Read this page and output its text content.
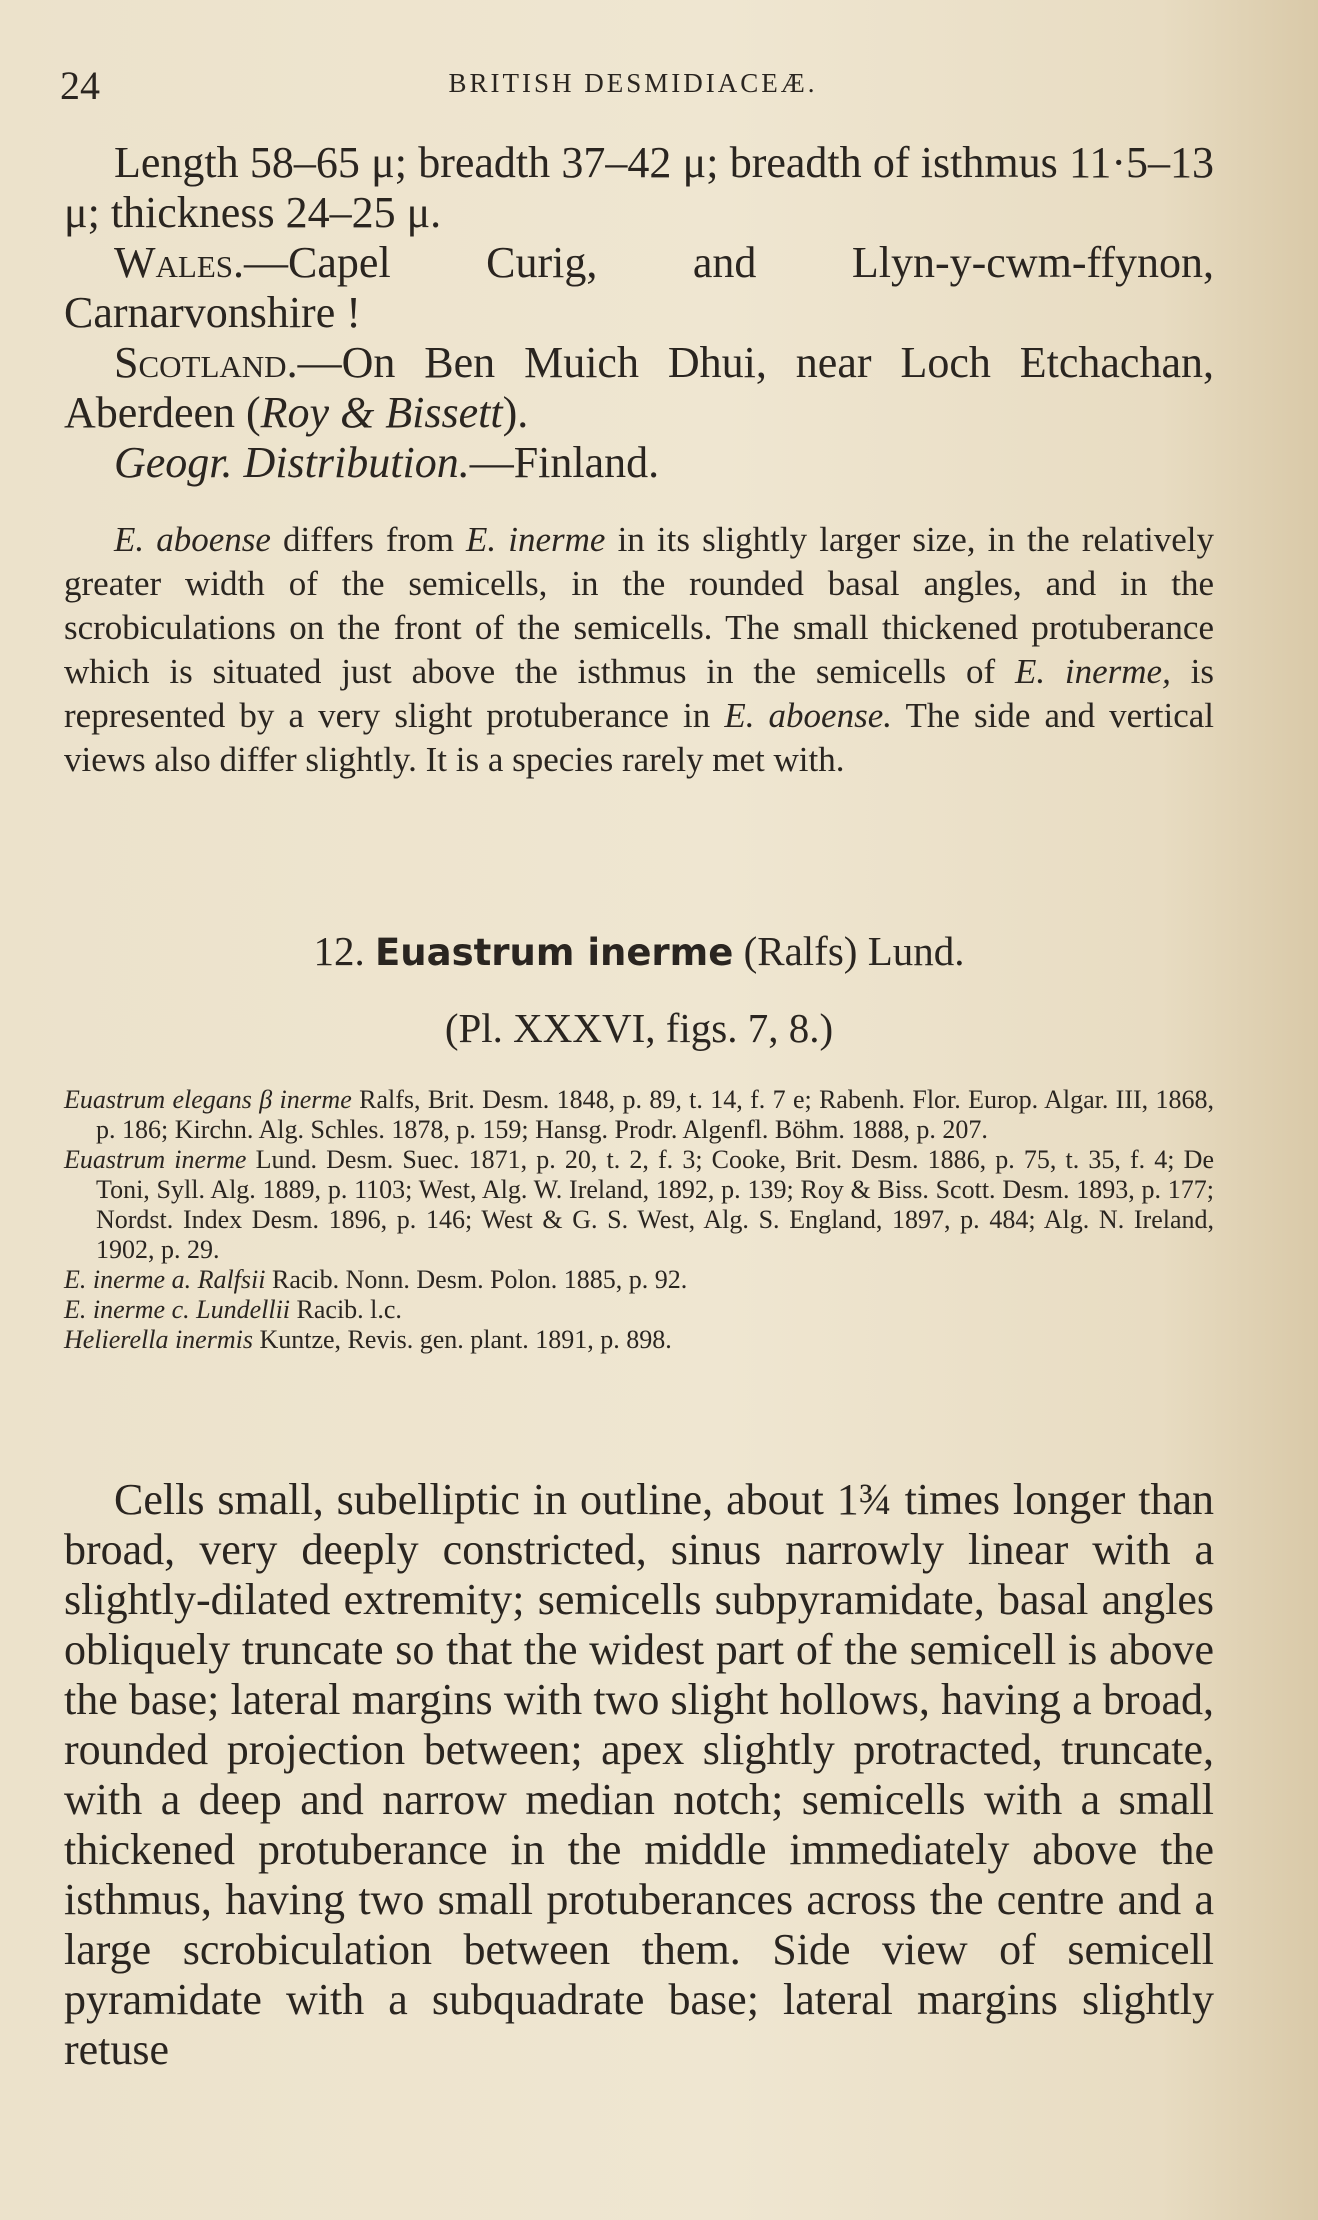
24	BRITISH DESMIDIACEÆ.

Length 58–65 μ; breadth 37–42 μ; breadth of isthmus 11·5–13 μ; thickness 24–25 μ.

Wales.—Capel Curig, and Llyn-y-cwm-ffynon, Carnarvonshire !

Scotland.—On Ben Muich Dhui, near Loch Etchachan, Aberdeen (Roy & Bissett).

Geogr. Distribution.—Finland.

E. aboense differs from E. inerme in its slightly larger size, in the relatively greater width of the semicells, in the rounded basal angles, and in the scrobiculations on the front of the semicells. The small thickened protuberance which is situated just above the isthmus in the semicells of E. inerme, is represented by a very slight protuberance in E. aboense. The side and vertical views also differ slightly. It is a species rarely met with.

12. Euastrum inerme (Ralfs) Lund.
(Pl. XXXVI, figs. 7, 8.)

Euastrum elegans β inerme Ralfs, Brit. Desm. 1848, p. 89, t. 14, f. 7 e; Rabenh. Flor. Europ. Algar. III, 1868, p. 186; Kirchn. Alg. Schles. 1878, p. 159; Hansg. Prodr. Algenfl. Böhm. 1888, p. 207.

Euastrum inerme Lund. Desm. Suec. 1871, p. 20, t. 2, f. 3; Cooke, Brit. Desm. 1886, p. 75, t. 35, f. 4; De Toni, Syll. Alg. 1889, p. 1103; West, Alg. W. Ireland, 1892, p. 139; Roy & Biss. Scott. Desm. 1893, p. 177; Nordst. Index Desm. 1896, p. 146; West & G. S. West, Alg. S. England, 1897, p. 484; Alg. N. Ireland, 1902, p. 29.

E. inerme a. Ralfsii Racib. Nonn. Desm. Polon. 1885, p. 92.

E. inerme c. Lundellii Racib. l.c.

Helierella inermis Kuntze, Revis. gen. plant. 1891, p. 898.

Cells small, subelliptic in outline, about 1¾ times longer than broad, very deeply constricted, sinus narrowly linear with a slightly-dilated extremity; semicells subpyramidate, basal angles obliquely truncate so that the widest part of the semicell is above the base; lateral margins with two slight hollows, having a broad, rounded projection between; apex slightly protracted, truncate, with a deep and narrow median notch; semicells with a small thickened protuberance in the middle immediately above the isthmus, having two small protuberances across the centre and a large scrobiculation between them. Side view of semicell pyramidate with a subquadrate base; lateral margins slightly retuse
